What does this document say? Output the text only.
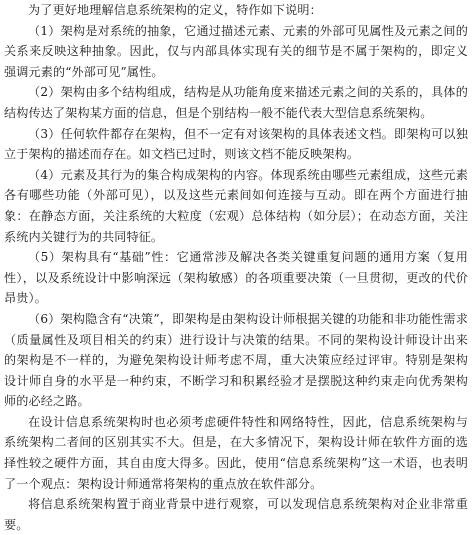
为了更好地理解信息系统架构的定义，特作如下说明：

（1）架构是对系统的抽象，它通过描述元素、元素的外部可见属性及元素之间的关系来反映这种抽象。因此，仅与内部具体实现有关的细节是不属于架构的，即定义强调元素的“外部可见”属性。

（2）架构由多个结构组成，结构是从功能角度来描述元素之间的关系的，具体的结构传达了架构某方面的信息，但是个别结构一般不能代表大型信息系统架构。

（3）任何软件都存在架构，但不一定有对该架构的具体表述文档。即架构可以独立于架构的描述而存在。如文档已过时，则该文档不能反映架构。

（4）元素及其行为的集合构成架构的内容。体现系统由哪些元素组成，这些元素各有哪些功能（外部可见），以及这些元素间如何连接与互动。即在两个方面进行抽象：在静态方面，关注系统的大粒度（宏观）总体结构（如分层）；在动态方面，关注系统内关键行为的共同特征。

（5）架构具有“基础”性：它通常涉及解决各类关键重复问题的通用方案（复用性），以及系统设计中影响深远（架构敏感）的各项重要决策（一旦贯彻，更改的代价昂贵）。

（6）架构隐含有“决策”，即架构是由架构设计师根据关键的功能和非功能性需求（质量属性及项目相关的约束）进行设计与决策的结果。不同的架构设计师设计出来的架构是不一样的，为避免架构设计师考虑不周，重大决策应经过评审。特别是架构设计师自身的水平是一种约束，不断学习和积累经验才是摆脱这种约束走向优秀架构师的必经之路。

在设计信息系统架构时也必须考虑硬件特性和网络特性，因此，信息系统架构与系统架构二者间的区别其实不大。但是，在大多情况下，架构设计师在软件方面的选择性较之硬件方面，其自由度大得多。因此，使用“信息系统架构”这一术语，也表明了一个观点：架构设计师通常将架构的重点放在软件部分。

将信息系统架构置于商业背景中进行观察，可以发现信息系统架构对企业非常重要。
